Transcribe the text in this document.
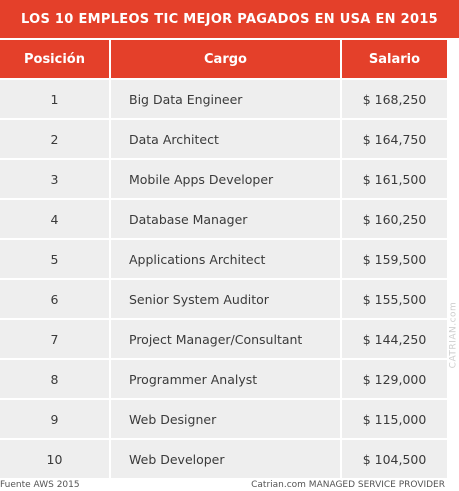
LOS 10 EMPLEOS TIC MEJOR PAGADOS EN USA EN 2015
Posición	Cargo	Salario
1	Big Data Engineer	$ 168,250
2	Data Architect	$ 164,750
3	Mobile Apps Developer	$ 161,500
4	Database Manager	$ 160,250
5	Applications Architect	$ 159,500
6	Senior System Auditor	$ 155,500
7	Project Manager/Consultant	$ 144,250
8	Programmer Analyst	$ 129,000
9	Web Designer	$ 115,000
10	Web Developer	$ 104,500
CATRIAN.com
Fuente AWS 2015	Catrian.com MANAGED SERVICE PROVIDER
